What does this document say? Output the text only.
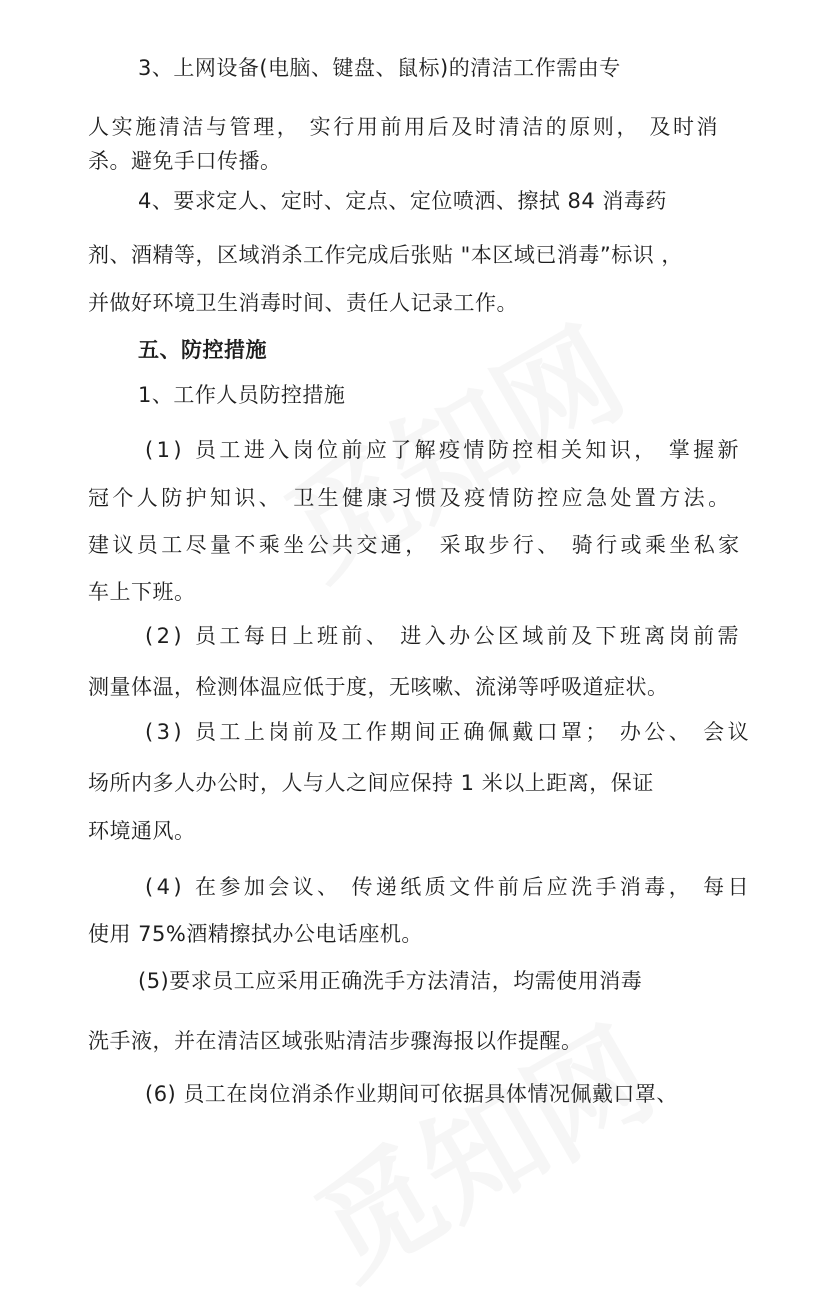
3、上网设备(电脑、键盘、鼠标)的清洁工作需由专
人实施清洁与管理， 实行用前用后及时清洁的原则， 及时消
杀。避免手口传播。
4、要求定人、定时、定点、定位喷洒、擦拭 84 消毒药
剂、酒精等，区域消杀工作完成后张贴 "本区域已消毒”标识 ，
并做好环境卫生消毒时间、责任人记录工作。
五、防控措施
1、工作人员防控措施
(1) 员工进入岗位前应了解疫情防控相关知识， 掌握新
冠个人防护知识、 卫生健康习惯及疫情防控应急处置方法。
建议员工尽量不乘坐公共交通， 采取步行、 骑行或乘坐私家
车上下班。
(2) 员工每日上班前、 进入办公区域前及下班离岗前需
测量体温，检测体温应低于度，无咳嗽、流涕等呼吸道症状。
(3) 员工上岗前及工作期间正确佩戴口罩； 办公、 会议
场所内多人办公时，人与人之间应保持 1 米以上距离，保证
环境通风。
(4) 在参加会议、 传递纸质文件前后应洗手消毒， 每日
使用 75%酒精擦拭办公电话座机。
(5)要求员工应采用正确洗手方法清洁，均需使用消毒
洗手液，并在清洁区域张贴清洁步骤海报以作提醒。
(6) 员工在岗位消杀作业期间可依据具体情况佩戴口罩、
